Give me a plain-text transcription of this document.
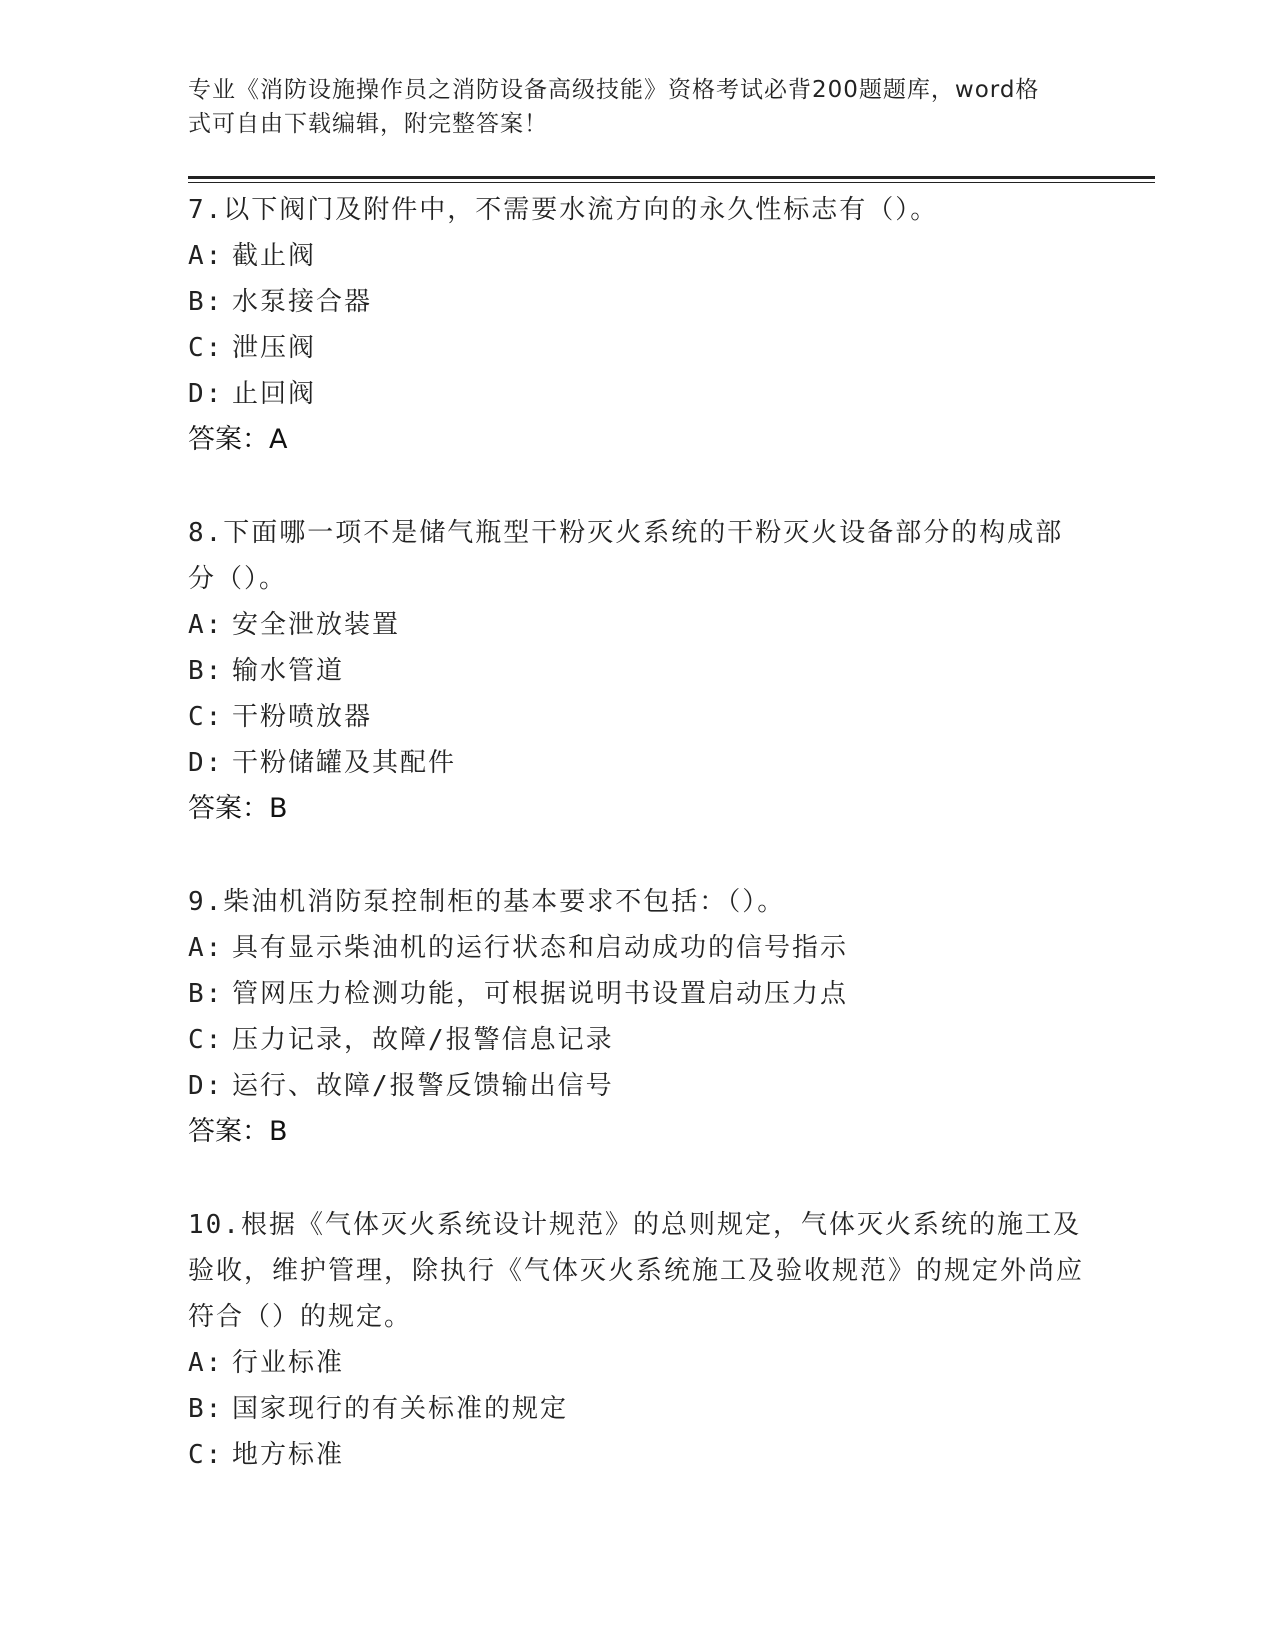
专业《消防设施操作员之消防设备高级技能》资格考试必背200题题库，word格
式可自由下载编辑，附完整答案！

7.以下阀门及附件中，不需要水流方向的永久性标志有（）。

A: 截止阀

B: 水泵接合器

C: 泄压阀

D: 止回阀

答案：A

8.下面哪一项不是储气瓶型干粉灭火系统的干粉灭火设备部分的构成部分（）。

A: 安全泄放装置

B: 输水管道

C: 干粉喷放器

D: 干粉储罐及其配件

答案：B

9.柴油机消防泵控制柜的基本要求不包括：（）。

A: 具有显示柴油机的运行状态和启动成功的信号指示

B: 管网压力检测功能，可根据说明书设置启动压力点

C: 压力记录，故障/报警信息记录

D: 运行、故障/报警反馈输出信号

答案：B

10.根据《气体灭火系统设计规范》的总则规定，气体灭火系统的施工及验收，维护管理，除执行《气体灭火系统施工及验收规范》的规定外尚应符合（）的规定。

A: 行业标准

B: 国家现行的有关标准的规定

C: 地方标准
